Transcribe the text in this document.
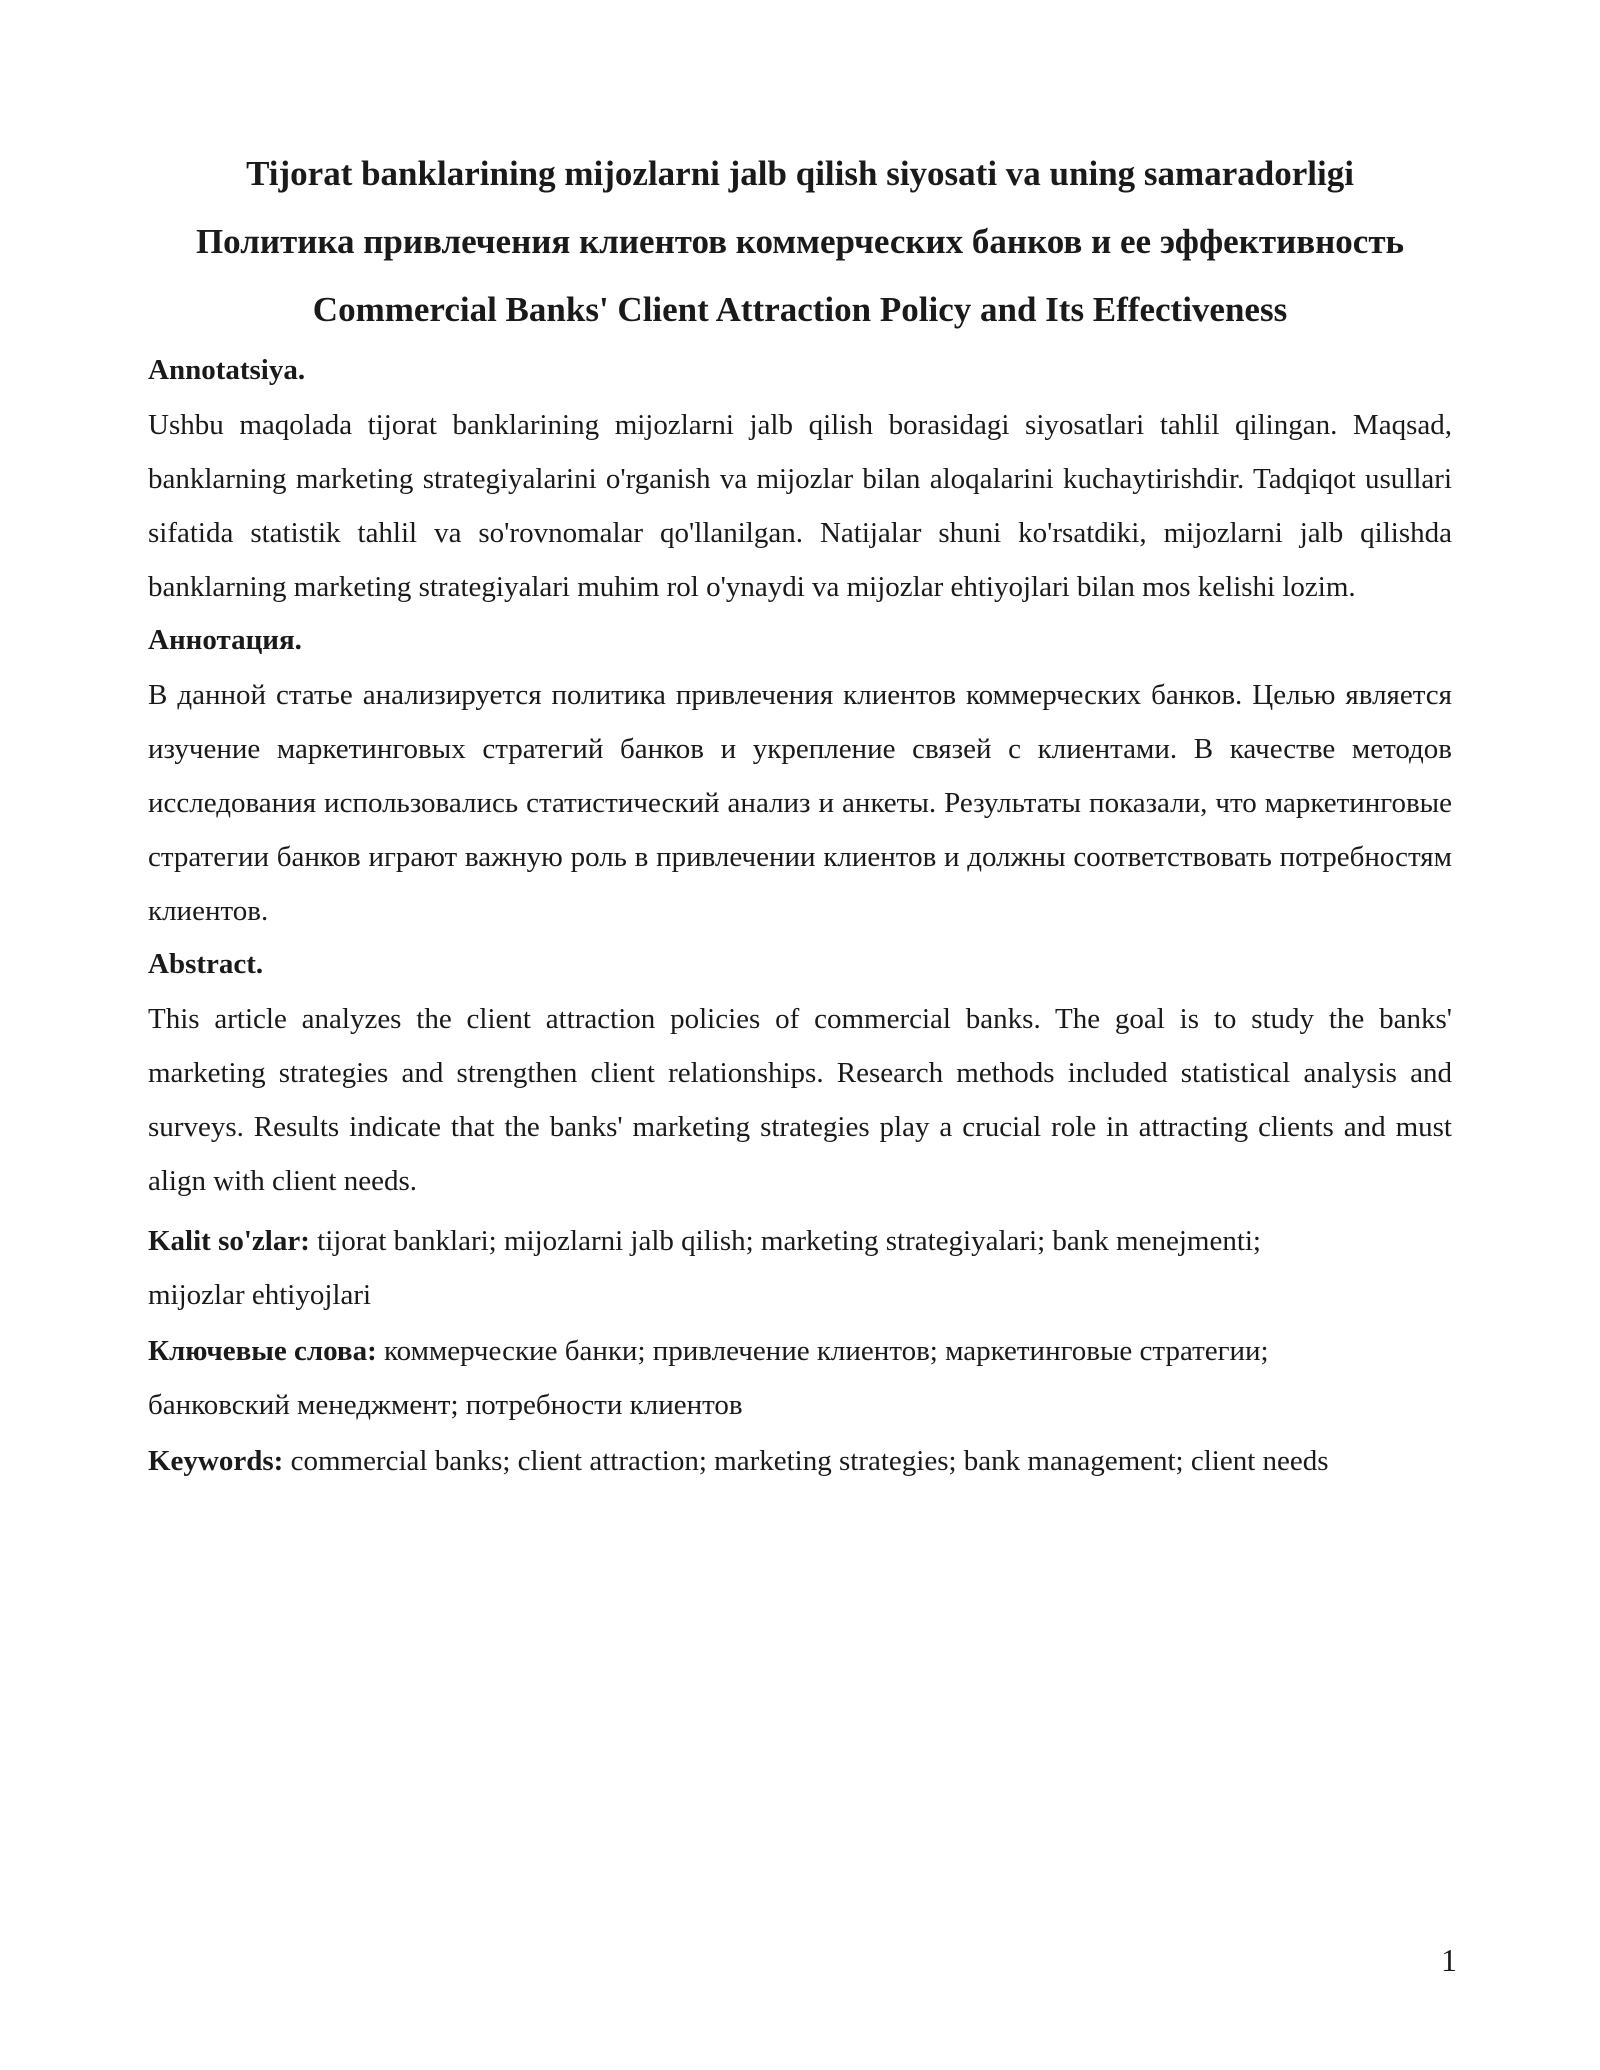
Tijorat banklarining mijozlarni jalb qilish siyosati va uning samaradorligi

Политика привлечения клиентов коммерческих банков и ее эффективность

Commercial Banks' Client Attraction Policy and Its Effectiveness

Annotatsiya.

Ushbu maqolada tijorat banklarining mijozlarni jalb qilish borasidagi siyosatlari tahlil qilingan. Maqsad, banklarning marketing strategiyalarini o'rganish va mijozlar bilan aloqalarini kuchaytirishdir. Tadqiqot usullari sifatida statistik tahlil va so'rovnomalar qo'llanilgan. Natijalar shuni ko'rsatdiki, mijozlarni jalb qilishda banklarning marketing strategiyalari muhim rol o'ynaydi va mijozlar ehtiyojlari bilan mos kelishi lozim.

Аннотация.

В данной статье анализируется политика привлечения клиентов коммерческих банков. Целью является изучение маркетинговых стратегий банков и укрепление связей с клиентами. В качестве методов исследования использовались статистический анализ и анкеты. Результаты показали, что маркетинговые стратегии банков играют важную роль в привлечении клиентов и должны соответствовать потребностям клиентов.

Abstract.

This article analyzes the client attraction policies of commercial banks. The goal is to study the banks' marketing strategies and strengthen client relationships. Research methods included statistical analysis and surveys. Results indicate that the banks' marketing strategies play a crucial role in attracting clients and must align with client needs.

Kalit so'zlar: tijorat banklari; mijozlarni jalb qilish; marketing strategiyalari; bank menejmenti;
mijozlar ehtiyojlari
Ключевые слова: коммерческие банки; привлечение клиентов; маркетинговые стратегии;
банковский менеджмент; потребности клиентов
Keywords: commercial banks; client attraction; marketing strategies; bank management; client needs
1
